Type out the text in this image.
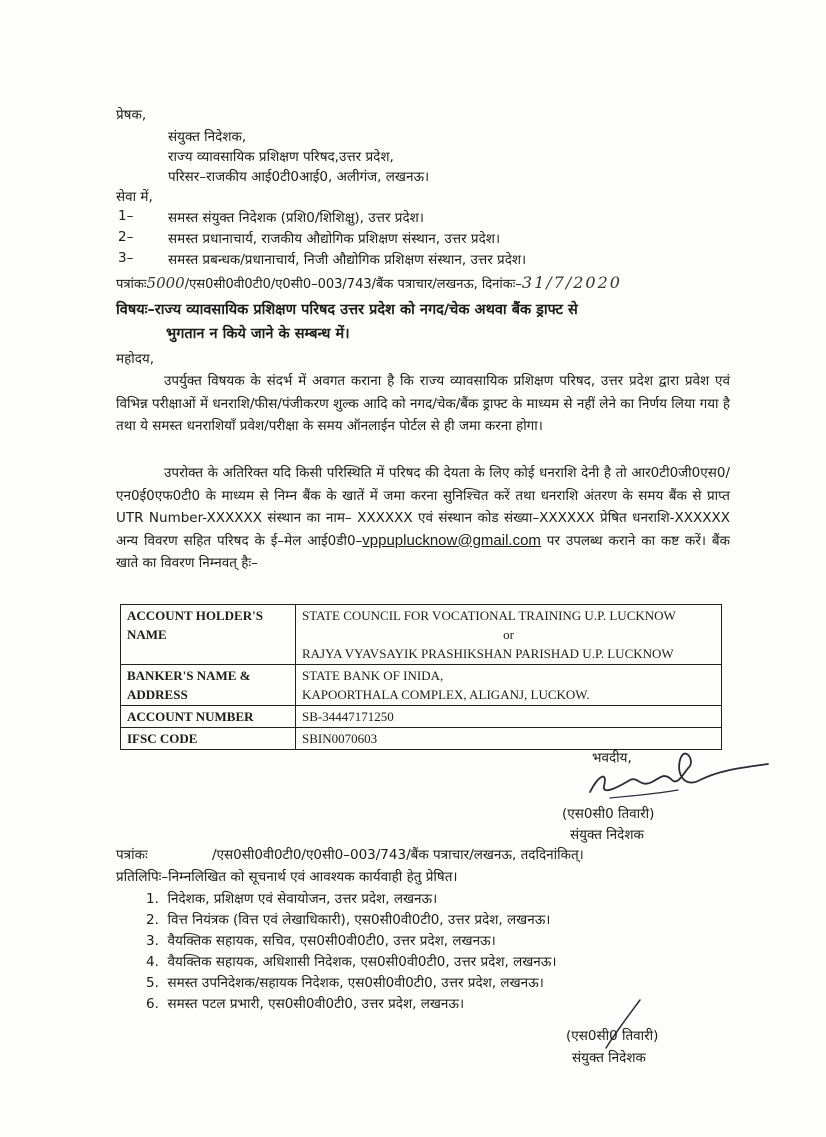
प्रेषक,
संयुक्त निदेशक,
राज्य व्यावसायिक प्रशिक्षण परिषद,उत्तर प्रदेश,
परिसर–राजकीय आई0टी0आई0, अलीगंज, लखनऊ।
सेवा में,
1–	समस्त संयुक्त निदेशक (प्रशि0/शिशिक्षु), उत्तर प्रदेश।
2–	समस्त प्रधानाचार्य, राजकीय औद्योगिक प्रशिक्षण संस्थान, उत्तर प्रदेश।
3–	समस्त प्रबन्धक/प्रधानाचार्य, निजी औद्योगिक प्रशिक्षण संस्थान, उत्तर प्रदेश।
पत्रांकः5000/एस0सी0वी0टी0/ए0सी0–003/743/बैंक पत्राचार/लखनऊ, दिनांकः–31/7/2020
विषयः–राज्य व्यावसायिक प्रशिक्षण परिषद उत्तर प्रदेश को नगद/चेक अथवा बैंक ड्राफ्ट से
भुगतान न किये जाने के सम्बन्ध में।
महोदय,
उपर्युक्त विषयक के संदर्भ में अवगत कराना है कि राज्य व्यावसायिक प्रशिक्षण परिषद, उत्तर प्रदेश द्वारा प्रवेश एवं विभिन्न परीक्षाओं में धनराशि/फीस/पंजीकरण शुल्क आदि को नगद/चेक/बैंक ड्राफ्ट के माध्यम से नहीं लेने का निर्णय लिया गया है तथा ये समस्त धनराशियाँ प्रवेश/परीक्षा के समय ऑनलाईन पोर्टल से ही जमा करना होगा।
उपरोक्त के अतिरिक्त यदि किसी परिस्थिति में परिषद की देयता के लिए कोई धनराशि देनी है तो आर0टी0जी0एस0/एन0ई0एफ0टी0 के माध्यम से निम्न बैंक के खातें में जमा करना सुनिश्चित करें तथा धनराशि अंतरण के समय बैंक से प्राप्त UTR Number-XXXXXX संस्थान का नाम– XXXXXX एवं संस्थान कोड संख्या–XXXXXX प्रेषित धनराशि-XXXXXX अन्य विवरण सहित परिषद के ई–मेल आई0डी0–vppuplucknow@gmail.com पर उपलब्ध कराने का कष्ट करें। बैंक खाते का विवरण निम्नवत् हैः–
ACCOUNT HOLDER'S NAME	STATE COUNCIL FOR VOCATIONAL TRAINING U.P. LUCKNOW
or
RAJYA VYAVSAYIK PRASHIKSHAN PARISHAD U.P. LUCKNOW
BANKER'S NAME & ADDRESS	STATE BANK OF INIDA,
KAPOORTHALA COMPLEX, ALIGANJ, LUCKOW.

ACCOUNT NUMBER	SB-34447171250
IFSC CODE	SBIN0070603
भवदीय,
(एस0सी0 तिवारी)
संयुक्त निदेशक
पत्रांकः	/एस0सी0वी0टी0/ए0सी0–003/743/बैंक पत्राचार/लखनऊ, तददिनांकित्।
प्रतिलिपिः–निम्नलिखित को सूचनार्थ एवं आवश्यक कार्यवाही हेतु प्रेषित।
1. निदेशक, प्रशिक्षण एवं सेवायोजन, उत्तर प्रदेश, लखनऊ।
2. वित्त नियंत्रक (वित्त एवं लेखाधिकारी), एस0सी0वी0टी0, उत्तर प्रदेश, लखनऊ।
3. वैयक्तिक सहायक, सचिव, एस0सी0वी0टी0, उत्तर प्रदेश, लखनऊ।
4. वैयक्तिक सहायक, अधिशासी निदेशक, एस0सी0वी0टी0, उत्तर प्रदेश, लखनऊ।
5. समस्त उपनिदेशक/सहायक निदेशक, एस0सी0वी0टी0, उत्तर प्रदेश, लखनऊ।
6. समस्त पटल प्रभारी, एस0सी0वी0टी0, उत्तर प्रदेश, लखनऊ।
(एस0सी0 तिवारी)
संयुक्त निदेशक
